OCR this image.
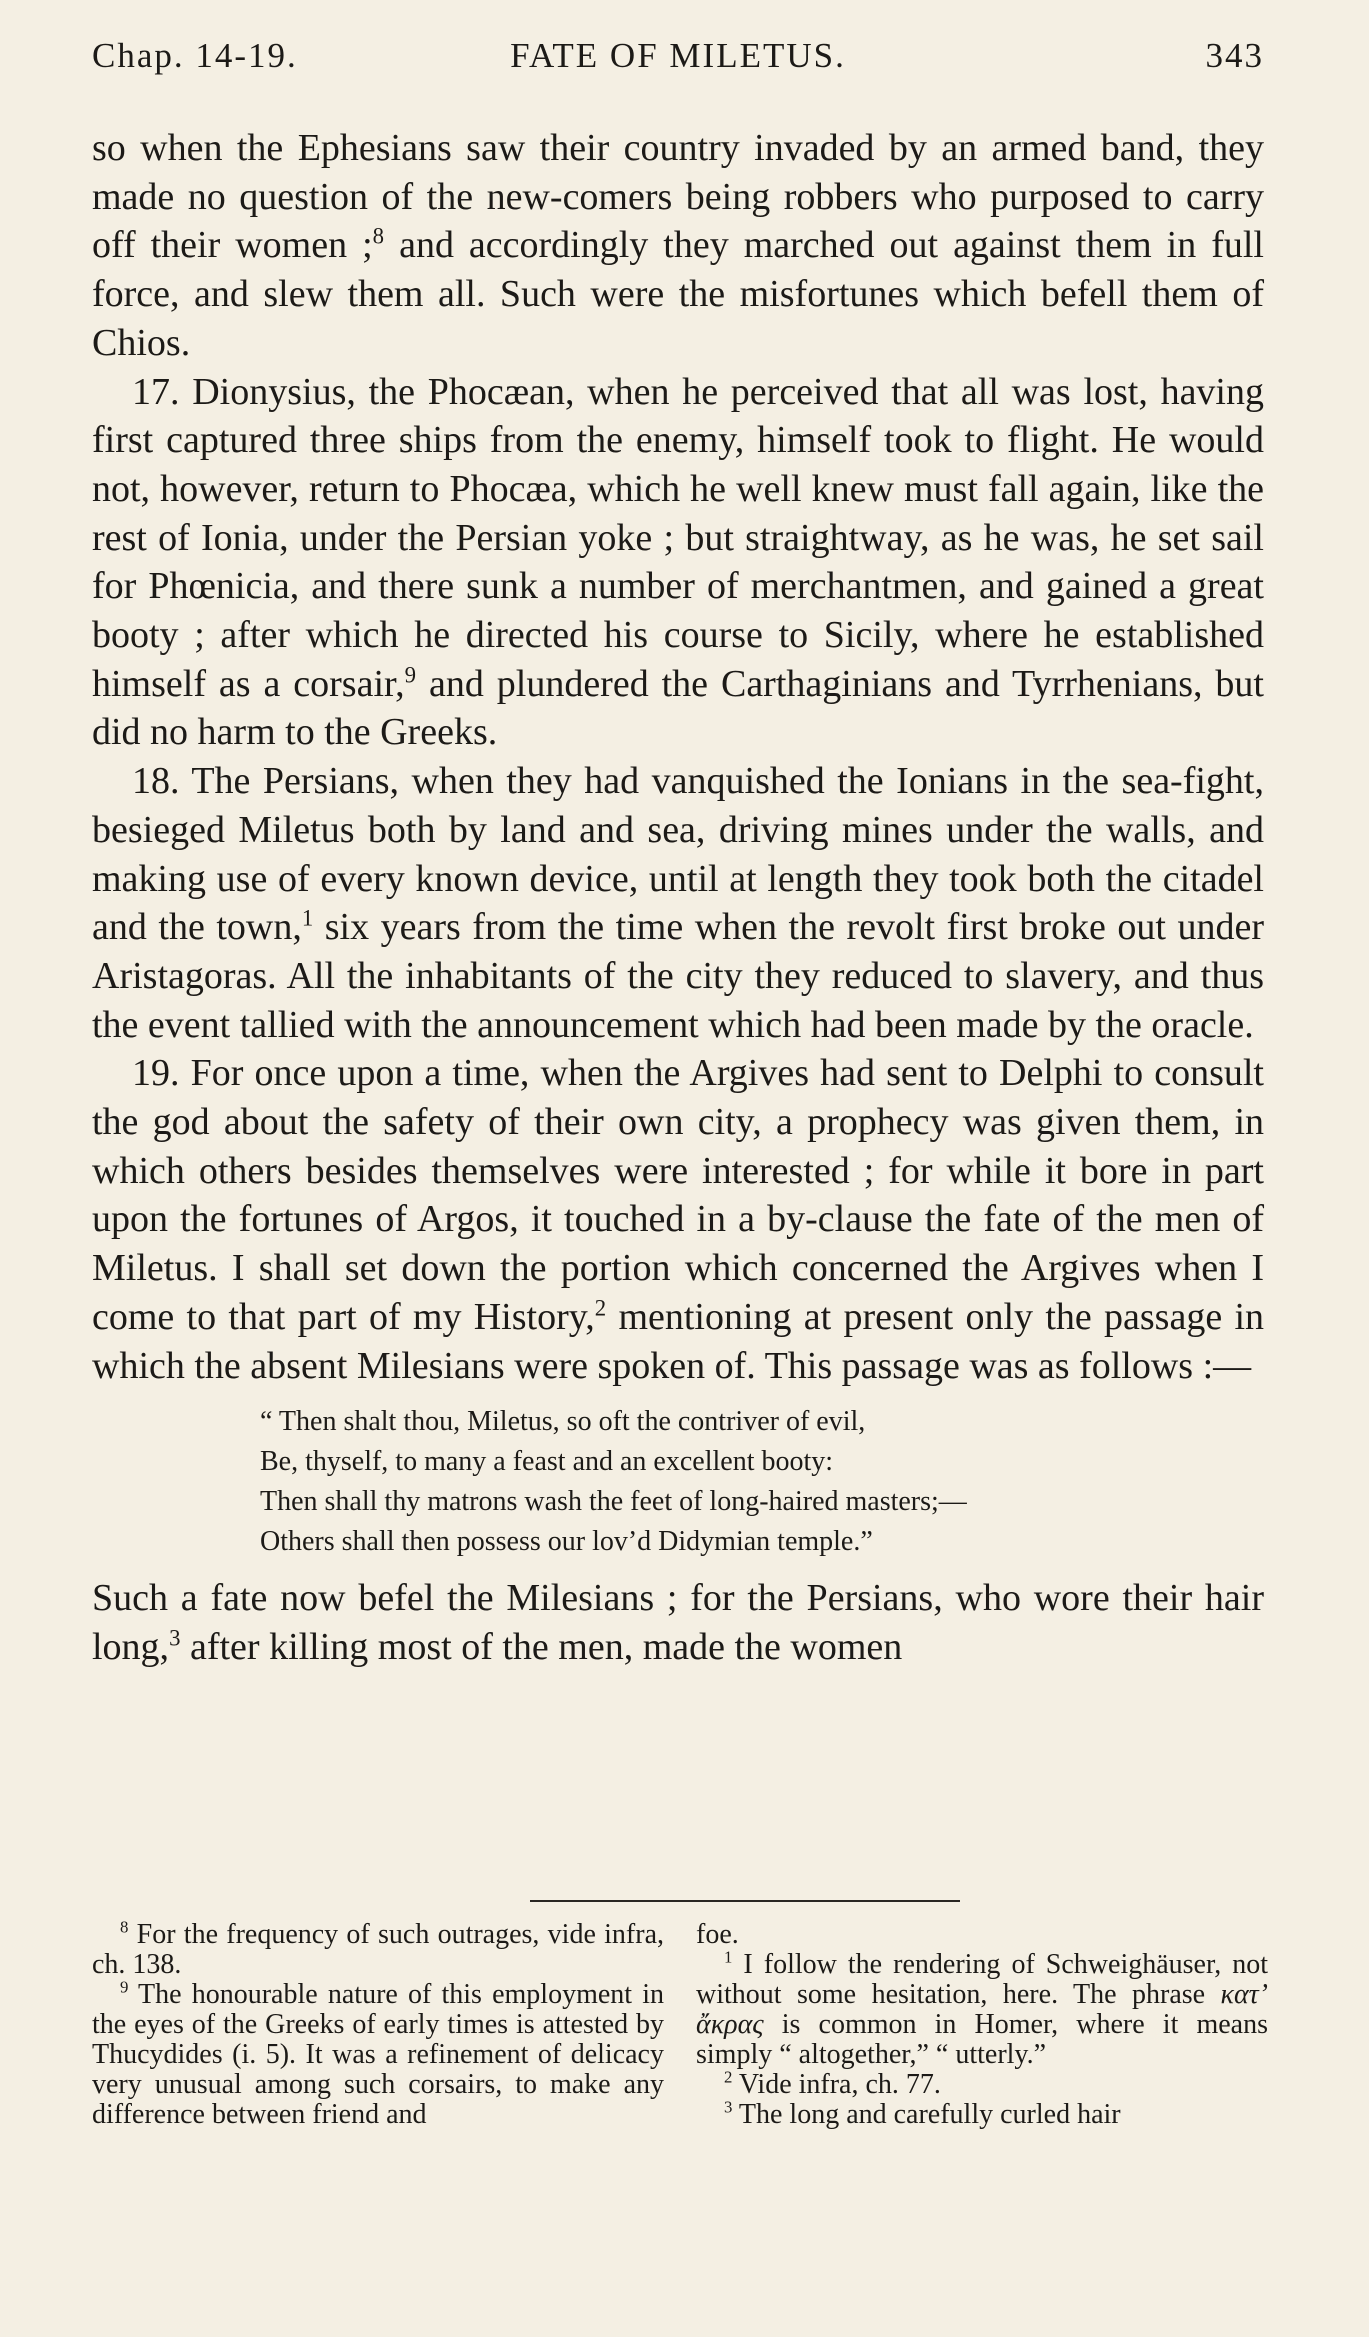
Chap. 14-19.	FATE OF MILETUS.	343

so when the Ephesians saw their country invaded by an armed band, they made no question of the new-comers being robbers who purposed to carry off their women ;$^8$ and accordingly they marched out against them in full force, and slew them all. Such were the misfortunes which befell them of Chios.

17. Dionysius, the Phocæan, when he perceived that all was lost, having first captured three ships from the enemy, himself took to flight. He would not, however, return to Phocæa, which he well knew must fall again, like the rest of Ionia, under the Persian yoke ; but straightway, as he was, he set sail for Phœnicia, and there sunk a number of merchantmen, and gained a great booty ; after which he directed his course to Sicily, where he established himself as a corsair,$^9$ and plundered the Carthaginians and Tyrrhenians, but did no harm to the Greeks.

18. The Persians, when they had vanquished the Ionians in the sea-fight, besieged Miletus both by land and sea, driving mines under the walls, and making use of every known device, until at length they took both the citadel and the town,$^1$ six years from the time when the revolt first broke out under Aristagoras. All the inhabitants of the city they reduced to slavery, and thus the event tallied with the announcement which had been made by the oracle.

19. For once upon a time, when the Argives had sent to Delphi to consult the god about the safety of their own city, a prophecy was given them, in which others besides themselves were interested ; for while it bore in part upon the fortunes of Argos, it touched in a by-clause the fate of the men of Miletus. I shall set down the portion which concerned the Argives when I come to that part of my History,$^2$ mentioning at present only the passage in which the absent Milesians were spoken of. This passage was as follows :—

“ Then shalt thou, Miletus, so oft the contriver of evil,
Be, thyself, to many a feast and an excellent booty:
Then shall thy matrons wash the feet of long-haired masters;—
Others shall then possess our lov’d Didymian temple.”

Such a fate now befel the Milesians ; for the Persians, who wore their hair long,$^3$ after killing most of the men, made the women

$^8$ For the frequency of such outrages, vide infra, ch. 138.

$^9$ The honourable nature of this employment in the eyes of the Greeks of early times is attested by Thucydides (i. 5). It was a refinement of delicacy very unusual among such corsairs, to make any difference between friend and

foe.

$^1$ I follow the rendering of Schweighäuser, not without some hesitation, here. The phrase κατ’ ἄκρας is common in Homer, where it means simply “ altogether,” “ utterly.”

$^2$ Vide infra, ch. 77.

$^3$ The long and carefully curled hair
